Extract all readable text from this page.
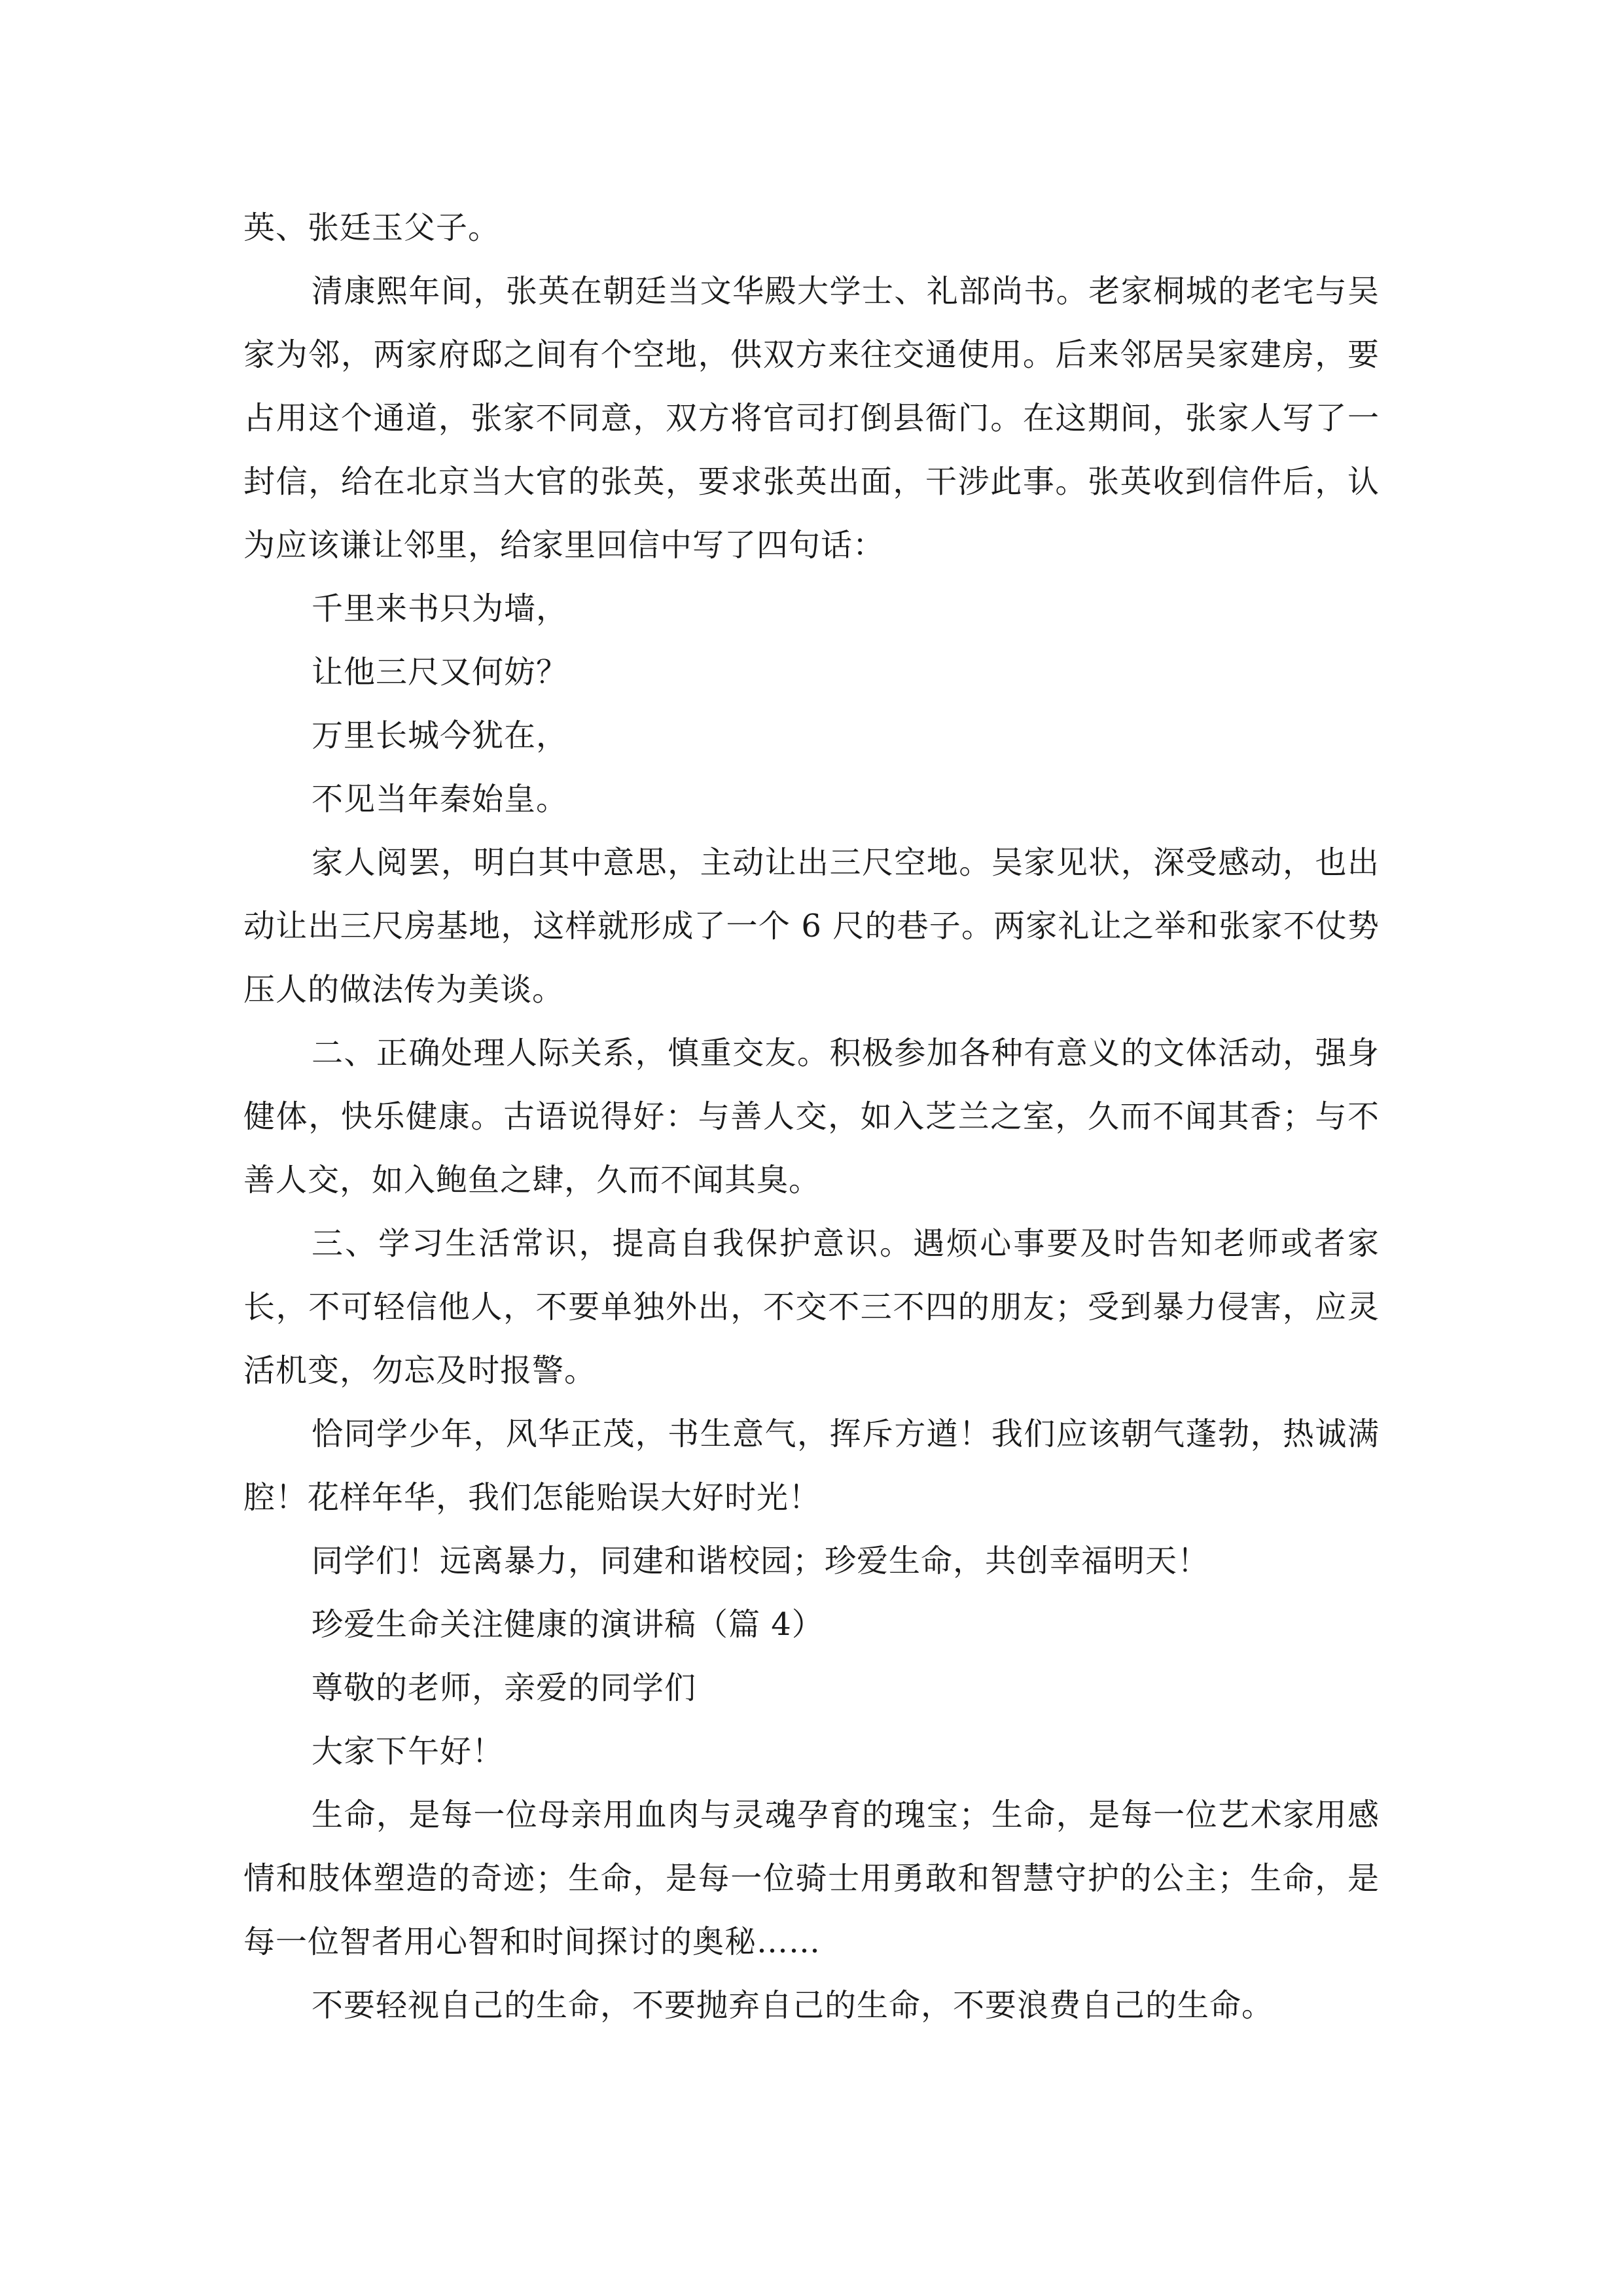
英、张廷玉父子。

清康熙年间，张英在朝廷当文华殿大学士、礼部尚书。老家桐城的老宅与吴家为邻，两家府邸之间有个空地，供双方来往交通使用。后来邻居吴家建房，要占用这个通道，张家不同意，双方将官司打倒县衙门。在这期间，张家人写了一封信，给在北京当大官的张英，要求张英出面，干涉此事。张英收到信件后，认为应该谦让邻里，给家里回信中写了四句话：

千里来书只为墙，

让他三尺又何妨？

万里长城今犹在，

不见当年秦始皇。

家人阅罢，明白其中意思，主动让出三尺空地。吴家见状，深受感动，也出动让出三尺房基地，这样就形成了一个 6 尺的巷子。两家礼让之举和张家不仗势压人的做法传为美谈。

二、正确处理人际关系，慎重交友。积极参加各种有意义的文体活动，强身健体，快乐健康。古语说得好：与善人交，如入芝兰之室，久而不闻其香；与不善人交，如入鲍鱼之肆，久而不闻其臭。

三、学习生活常识，提高自我保护意识。遇烦心事要及时告知老师或者家长，不可轻信他人，不要单独外出，不交不三不四的朋友；受到暴力侵害，应灵活机变，勿忘及时报警。

恰同学少年，风华正茂，书生意气，挥斥方遒！我们应该朝气蓬勃，热诚满腔！花样年华，我们怎能贻误大好时光！

同学们！远离暴力，同建和谐校园；珍爱生命，共创幸福明天！

珍爱生命关注健康的演讲稿（篇 4）

尊敬的老师，亲爱的同学们

大家下午好！

生命，是每一位母亲用血肉与灵魂孕育的瑰宝；生命，是每一位艺术家用感情和肢体塑造的奇迹；生命，是每一位骑士用勇敢和智慧守护的公主；生命，是每一位智者用心智和时间探讨的奥秘……

不要轻视自己的生命，不要抛弃自己的生命，不要浪费自己的生命。
